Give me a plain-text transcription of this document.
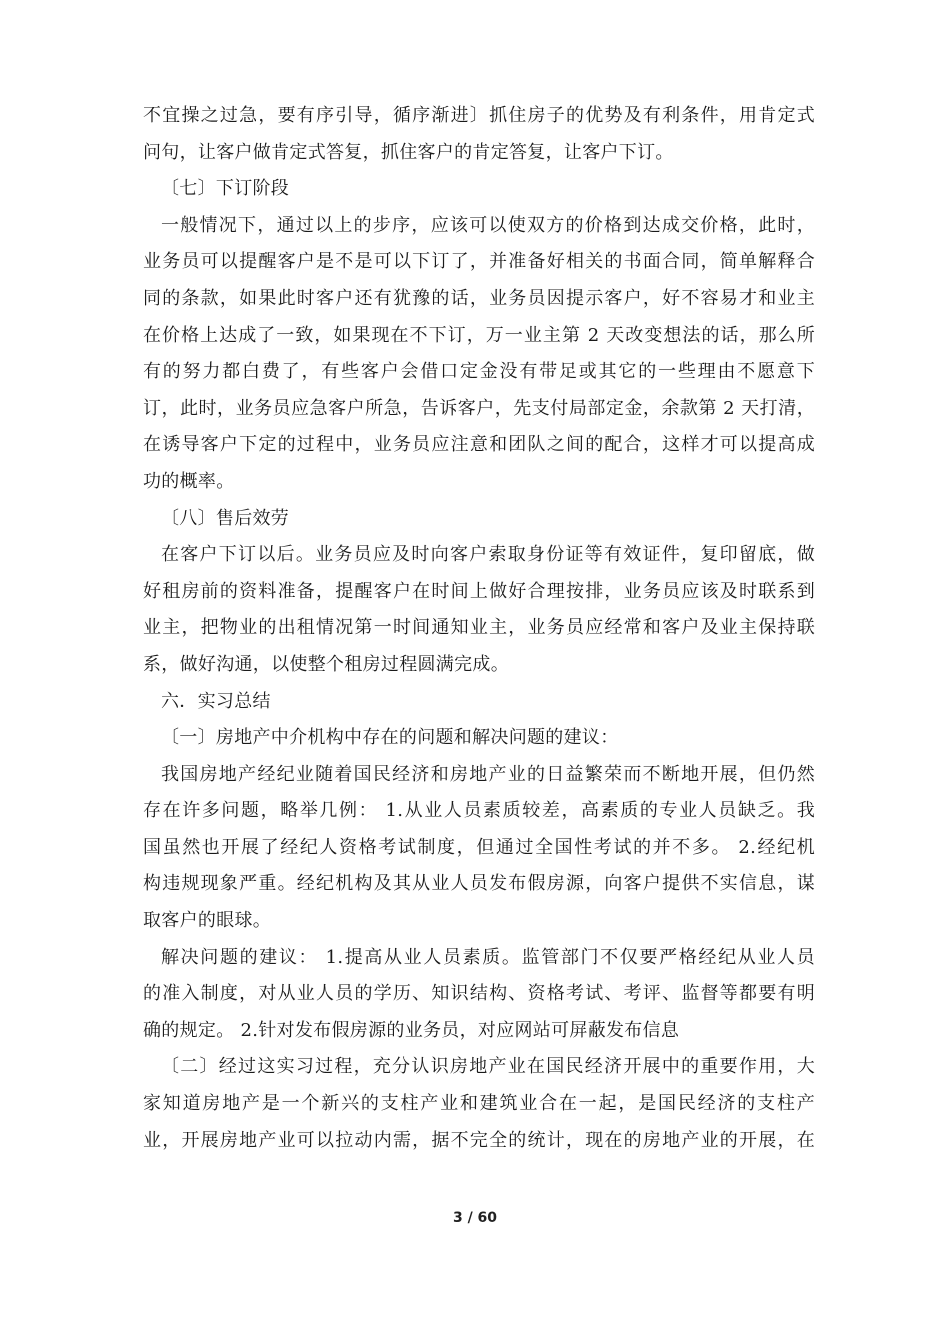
不宜操之过急，要有序引导，循序渐进〕抓住房子的优势及有利条件，用肯定式
问句，让客户做肯定式答复，抓住客户的肯定答复，让客户下订。
〔七〕下订阶段
一般情况下，通过以上的步序，应该可以使双方的价格到达成交价格，此时，
业务员可以提醒客户是不是可以下订了，并准备好相关的书面合同，简单解释合
同的条款，如果此时客户还有犹豫的话，业务员因提示客户，好不容易才和业主
在价格上达成了一致，如果现在不下订，万一业主第 2 天改变想法的话，那么所
有的努力都白费了，有些客户会借口定金没有带足或其它的一些理由不愿意下
订，此时，业务员应急客户所急，告诉客户，先支付局部定金，余款第 2 天打清，
在诱导客户下定的过程中，业务员应注意和团队之间的配合，这样才可以提高成
功的概率。
〔八〕售后效劳
在客户下订以后。业务员应及时向客户索取身份证等有效证件，复印留底，做
好租房前的资料准备，提醒客户在时间上做好合理按排，业务员应该及时联系到
业主，把物业的出租情况第一时间通知业主，业务员应经常和客户及业主保持联
系，做好沟通，以使整个租房过程圆满完成。
六．实习总结
〔一〕房地产中介机构中存在的问题和解决问题的建议：
我国房地产经纪业随着国民经济和房地产业的日益繁荣而不断地开展，但仍然
存在许多问题，略举几例： 1.从业人员素质较差，高素质的专业人员缺乏。我
国虽然也开展了经纪人资格考试制度，但通过全国性考试的并不多。 2.经纪机
构违规现象严重。经纪机构及其从业人员发布假房源，向客户提供不实信息，谋
取客户的眼球。
解决问题的建议： 1.提高从业人员素质。监管部门不仅要严格经纪从业人员
的准入制度，对从业人员的学历、知识结构、资格考试、考评、监督等都要有明
确的规定。 2.针对发布假房源的业务员，对应网站可屏蔽发布信息
〔二〕经过这实习过程，充分认识房地产业在国民经济开展中的重要作用，大
家知道房地产是一个新兴的支柱产业和建筑业合在一起，是国民经济的支柱产
业，开展房地产业可以拉动内需，据不完全的统计，现在的房地产业的开展，在
3 / 60
